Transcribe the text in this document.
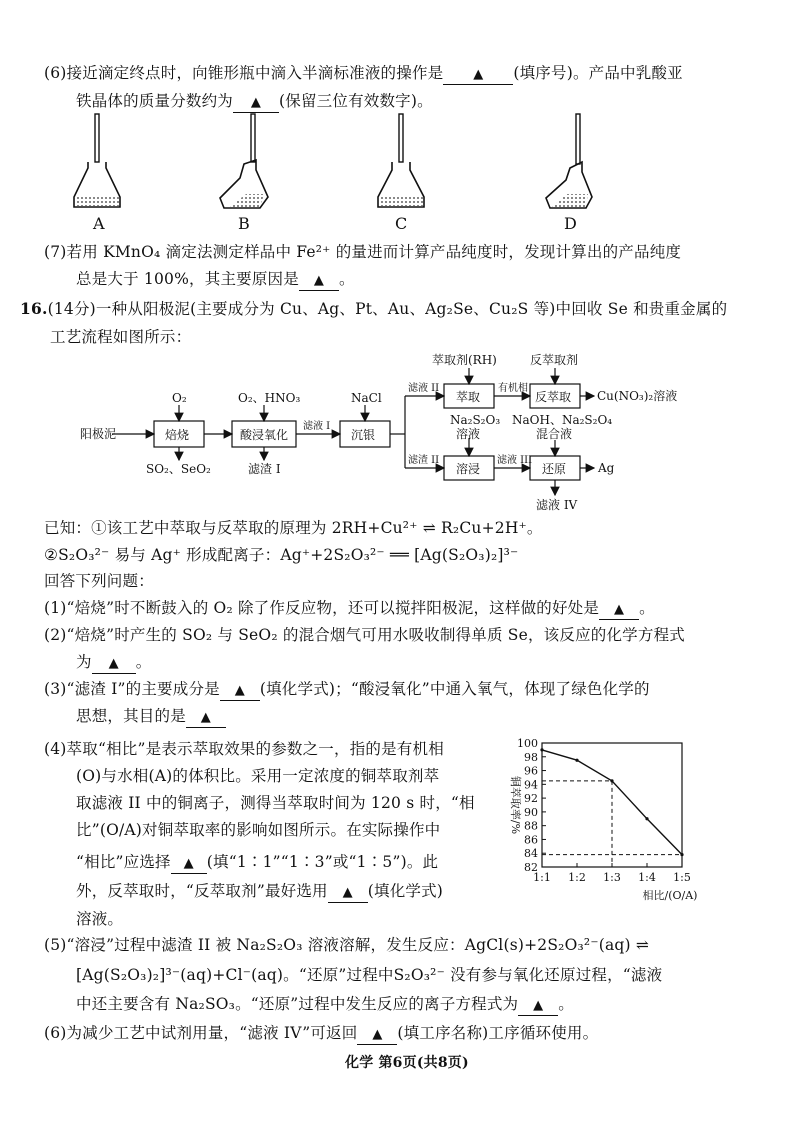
(6)接近滴定终点时，向锥形瓶中滴入半滴标准液的操作是 ▲ (填序号)。产品中乳酸亚
铁晶体的质量分数约为 ▲ (保留三位有效数字)。
A	B	C	D
(7)若用 KMnO₄ 滴定法测定样品中 Fe²⁺ 的量进而计算产品纯度时，发现计算出的产品纯度
总是大于 100%，其主要原因是 ▲ 。
16.(14分)一种从阳极泥(主要成分为 Cu、Ag、Pt、Au、Ag₂Se、Cu₂S 等)中回收 Se 和贵重金属的
工艺流程如图所示：
阳极泥	焙烧
O₂
SO₂、SeO₂
酸浸氧化
O₂、HNO₃
滤渣 I
滤液 I
沉银
NaCl
滤液 II
萃取剂(RH)
萃取
有机相
反萃取剂
反萃取 Cu(NO₃)₂溶液
Na₂S₂O₃
溶液
滤渣 II
溶浸
滤液 III
NaOH、Na₂S₂O₄
混合液
还原	Ag
滤液 IV
已知：①该工艺中萃取与反萃取的原理为 2RH+Cu²⁺ ⇌ R₂Cu+2H⁺。
②S₂O₃²⁻ 易与 Ag⁺ 形成配离子：Ag⁺+2S₂O₃²⁻ ══ [Ag(S₂O₃)₂]³⁻
回答下列问题：
(1)“焙烧”时不断鼓入的 O₂ 除了作反应物，还可以搅拌阳极泥，这样做的好处是 ▲ 。
(2)“焙烧”时产生的 SO₂ 与 SeO₂ 的混合烟气可用水吸收制得单质 Se，该反应的化学方程式
为 ▲ 。
(3)“滤渣 I”的主要成分是 ▲ (填化学式)；“酸浸氧化”中通入氧气，体现了绿色化学的
思想，其目的是 ▲
(4)萃取“相比”是表示萃取效果的参数之一，指的是有机相
(O)与水相(A)的体积比。采用一定浓度的铜萃取剂萃
取滤液 II 中的铜离子，测得当萃取时间为 120 s 时，“相
比”(O/A)对铜萃取率的影响如图所示。在实际操作中
“相比”应选择 ▲ (填“1∶1”“1∶3”或“1∶5”)。此
外，反萃取时，“反萃取剂”最好选用 ▲ (填化学式)
溶液。
82
84
86
88
90
92
94
96
98
100
1:1 1:2 1:3 1:4 1:5
铜萃取率/%
相比/(O/A)
(5)“溶浸”过程中滤渣 II 被 Na₂S₂O₃ 溶液溶解，发生反应：AgCl(s)+2S₂O₃²⁻(aq) ⇌
[Ag(S₂O₃)₂]³⁻(aq)+Cl⁻(aq)。“还原”过程中S₂O₃²⁻ 没有参与氧化还原过程，“滤液
中还主要含有 Na₂SO₃。“还原”过程中发生反应的离子方程式为 ▲ 。
(6)为减少工艺中试剂用量，“滤液 IV”可返回 ▲ (填工序名称)工序循环使用。
化学 第6页(共8页)
